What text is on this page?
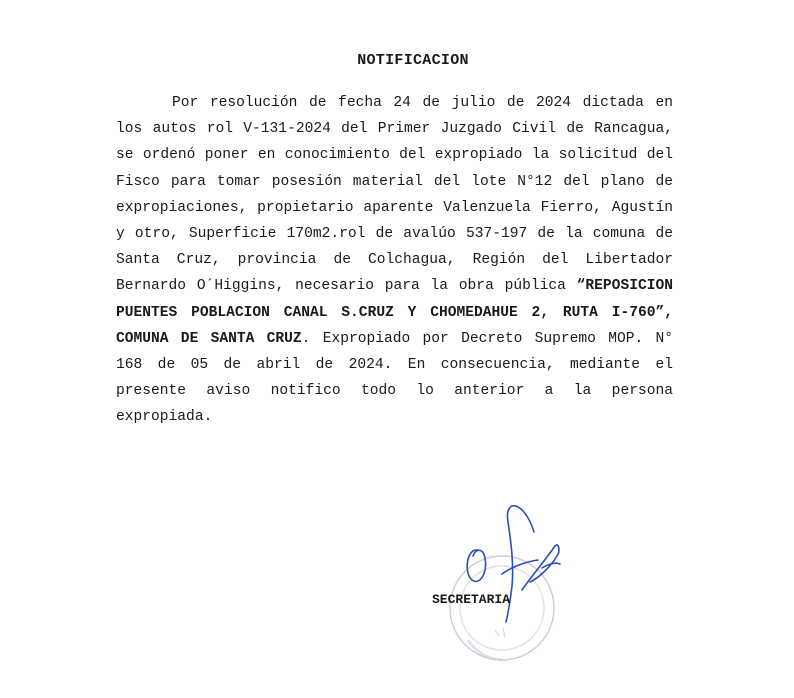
NOTIFICACION
Por resolución de fecha 24 de julio de 2024 dictada en los autos rol V-131-2024 del Primer Juzgado Civil de Rancagua, se ordenó poner en conocimiento del expropiado la solicitud del Fisco para tomar posesión material del lote N°12 del plano de expropiaciones, propietario aparente Valenzuela Fierro, Agustín y otro, Superficie 170m2.rol de avalúo 537-197 de la comuna de Santa Cruz, provincia de Colchagua, Región del Libertador Bernardo O´Higgins, necesario para la obra pública “REPOSICION PUENTES POBLACION CANAL S.CRUZ Y CHOMEDAHUE 2, RUTA I-760”, COMUNA DE SANTA CRUZ. Expropiado por Decreto Supremo MOP. N° 168 de 05 de abril de 2024. En consecuencia, mediante el presente aviso notifico todo lo anterior a la persona expropiada.
SECRETARIA
